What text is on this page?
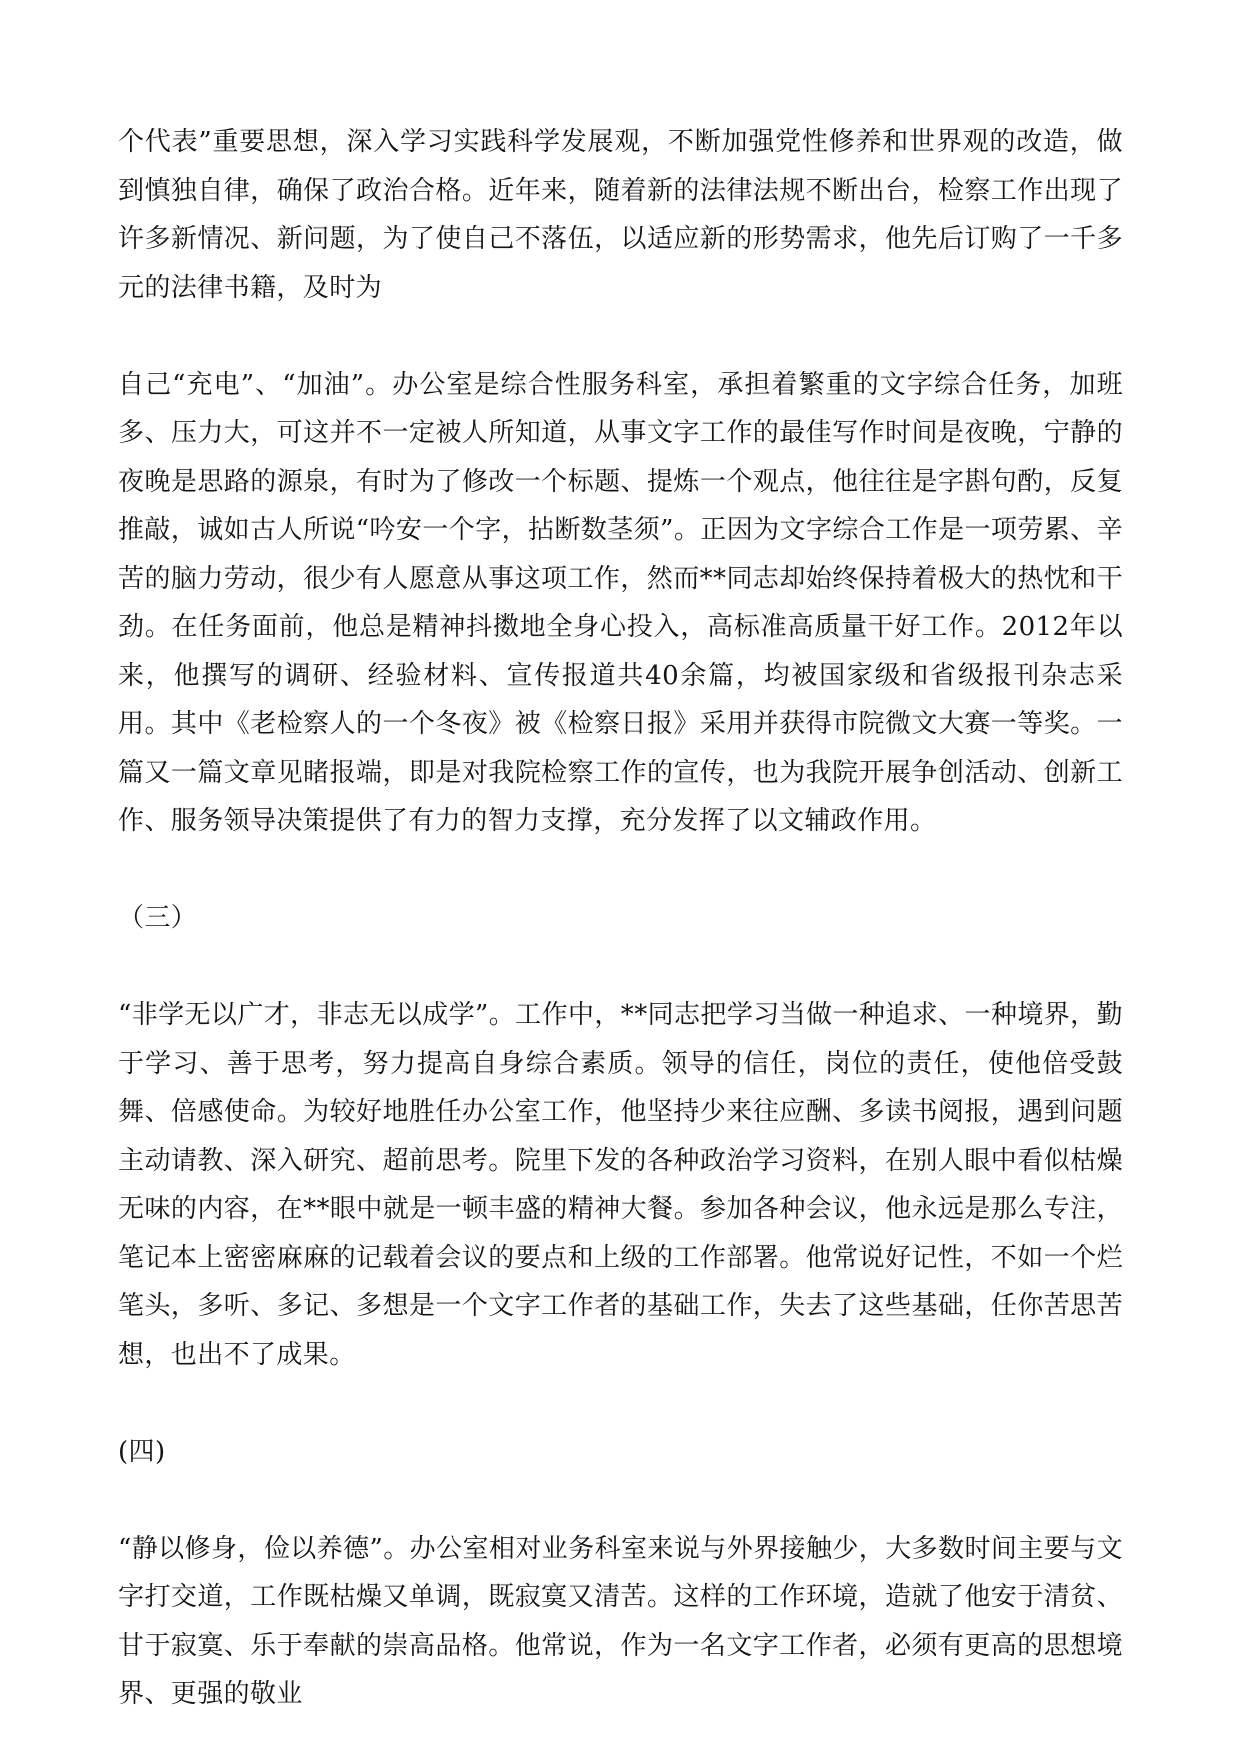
个代表”重要思想，深入学习实践科学发展观，不断加强党性修养和世界观的改造，做到慎独自律，确保了政治合格。近年来，随着新的法律法规不断出台，检察工作出现了许多新情况、新问题，为了使自己不落伍，以适应新的形势需求，他先后订购了一千多元的法律书籍，及时为

自己“充电”、“加油”。办公室是综合性服务科室，承担着繁重的文字综合任务，加班多、压力大，可这并不一定被人所知道，从事文字工作的最佳写作时间是夜晚，宁静的夜晚是思路的源泉，有时为了修改一个标题、提炼一个观点，他往往是字斟句酌，反复推敲，诚如古人所说“吟安一个字，拈断数茎须”。正因为文字综合工作是一项劳累、辛苦的脑力劳动，很少有人愿意从事这项工作，然而**同志却始终保持着极大的热忱和干劲。在任务面前，他总是精神抖擞地全身心投入，高标准高质量干好工作。2012年以来，他撰写的调研、经验材料、宣传报道共40余篇，均被国家级和省级报刊杂志采用。其中《老检察人的一个冬夜》被《检察日报》采用并获得市院微文大赛一等奖。一篇又一篇文章见睹报端，即是对我院检察工作的宣传，也为我院开展争创活动、创新工作、服务领导决策提供了有力的智力支撑，充分发挥了以文辅政作用。

（三）

“非学无以广才，非志无以成学”。工作中，**同志把学习当做一种追求、一种境界，勤于学习、善于思考，努力提高自身综合素质。领导的信任，岗位的责任，使他倍受鼓舞、倍感使命。为较好地胜任办公室工作，他坚持少来往应酬、多读书阅报，遇到问题主动请教、深入研究、超前思考。院里下发的各种政治学习资料，在别人眼中看似枯燥无味的内容，在**眼中就是一顿丰盛的精神大餐。参加各种会议，他永远是那么专注，笔记本上密密麻麻的记载着会议的要点和上级的工作部署。他常说好记性，不如一个烂笔头，多听、多记、多想是一个文字工作者的基础工作，失去了这些基础，任你苦思苦想，也出不了成果。

(四)

“静以修身，俭以养德”。办公室相对业务科室来说与外界接触少，大多数时间主要与文字打交道，工作既枯燥又单调，既寂寞又清苦。这样的工作环境，造就了他安于清贫、甘于寂寞、乐于奉献的崇高品格。他常说，作为一名文字工作者，必须有更高的思想境界、更强的敬业
